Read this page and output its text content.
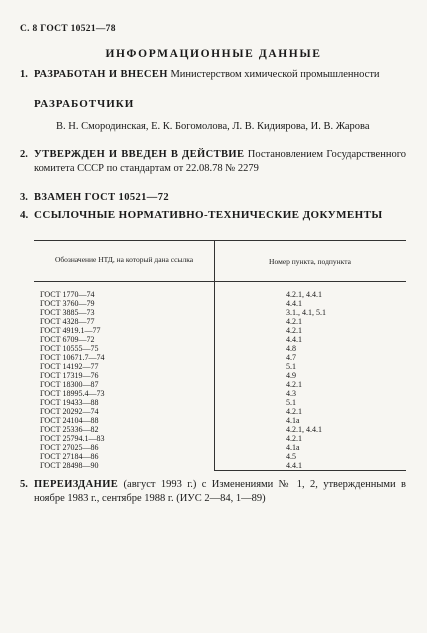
С. 8 ГОСТ 10521—78
ИНФОРМАЦИОННЫЕ ДАННЫЕ
1. РАЗРАБОТАН И ВНЕСЕН Министерством химической промышленности
РАЗРАБОТЧИКИ
В. Н. Смородинская, Е. К. Богомолова, Л. В. Кидиярова, И. В. Жарова
2. УТВЕРЖДЕН И ВВЕДЕН В ДЕЙСТВИЕ Постановлением Государственного комитета СССР по стандартам от 22.08.78 № 2279
3. ВЗАМЕН ГОСТ 10521—72
4. ССЫЛОЧНЫЕ НОРМАТИВНО-ТЕХНИЧЕСКИЕ ДОКУМЕНТЫ
Обозначение НТД, на который дана ссылка	Номер пункта, подпункта
ГОСТ 1770—74	4.2.1, 4.4.1
ГОСТ 3760—79	4.4.1
ГОСТ 3885—73	3.1., 4.1, 5.1
ГОСТ 4328—77	4.2.1
ГОСТ 4919.1—77	4.2.1
ГОСТ 6709—72	4.4.1
ГОСТ 10555—75	4.8
ГОСТ 10671.7—74	4.7
ГОСТ 14192—77	5.1
ГОСТ 17319—76	4.9
ГОСТ 18300—87	4.2.1
ГОСТ 18995.4—73	4.3
ГОСТ 19433—88	5.1
ГОСТ 20292—74	4.2.1
ГОСТ 24104—88	4.1а
ГОСТ 25336—82	4.2.1, 4.4.1
ГОСТ 25794.1—83	4.2.1
ГОСТ 27025—86	4.1а
ГОСТ 27184—86	4.5
ГОСТ 28498—90	4.4.1
5. ПЕРЕИЗДАНИЕ (август 1993 г.) с Изменениями № 1, 2, утвержденными в ноябре 1983 г., сентябре 1988 г. (ИУС 2—84, 1—89)
